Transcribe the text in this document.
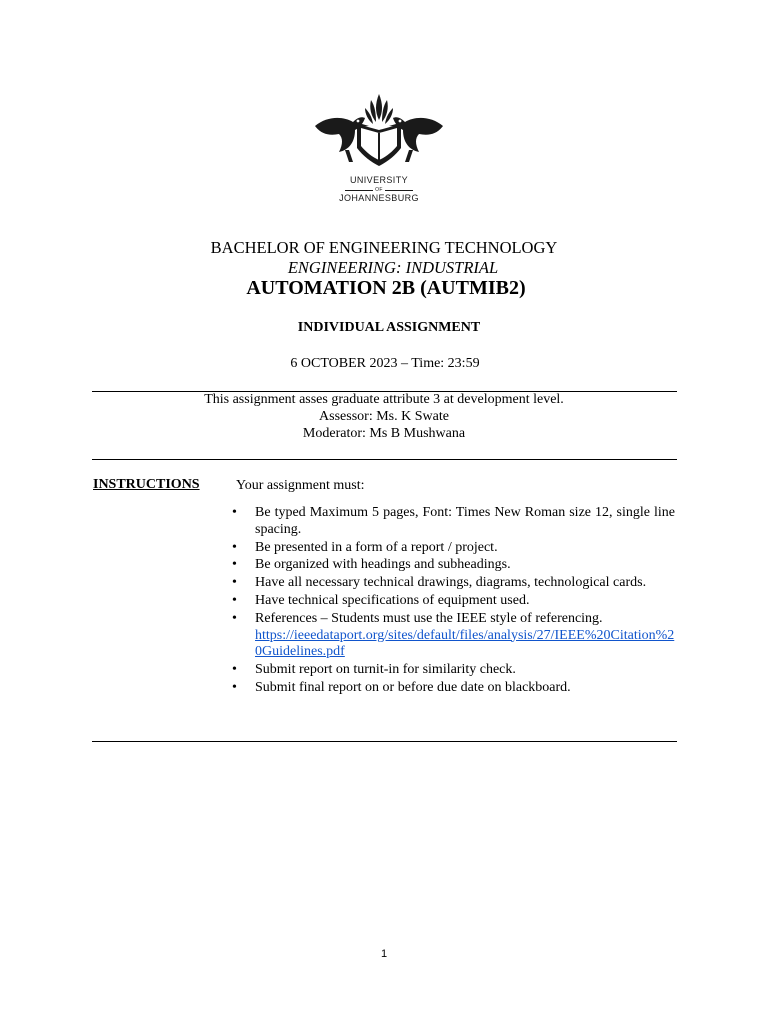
UNIVERSITY
OF
JOHANNESBURG
BACHELOR OF ENGINEERING TECHNOLOGY
ENGINEERING: INDUSTRIAL
AUTOMATION 2B (AUTMIB2)
INDIVIDUAL ASSIGNMENT
6 OCTOBER 2023 – Time: 23:59
This assignment asses graduate attribute 3 at development level.
Assessor: Ms. K Swate
Moderator: Ms B Mushwana
INSTRUCTIONS	Your assignment must:
• Be typed Maximum 5 pages, Font: Times New Roman size 12, single line spacing.
• Be presented in a form of a report / project.
• Be organized with headings and subheadings.
• Have all necessary technical drawings, diagrams, technological cards.
• Have technical specifications of equipment used.
• References – Students must use the IEEE style of referencing.
https://ieeedataport.org/sites/default/files/analysis/27/IEEE%20Citation%20Guidelines.pdf
• Submit report on turnit-in for similarity check.
• Submit final report on or before due date on blackboard.
1
